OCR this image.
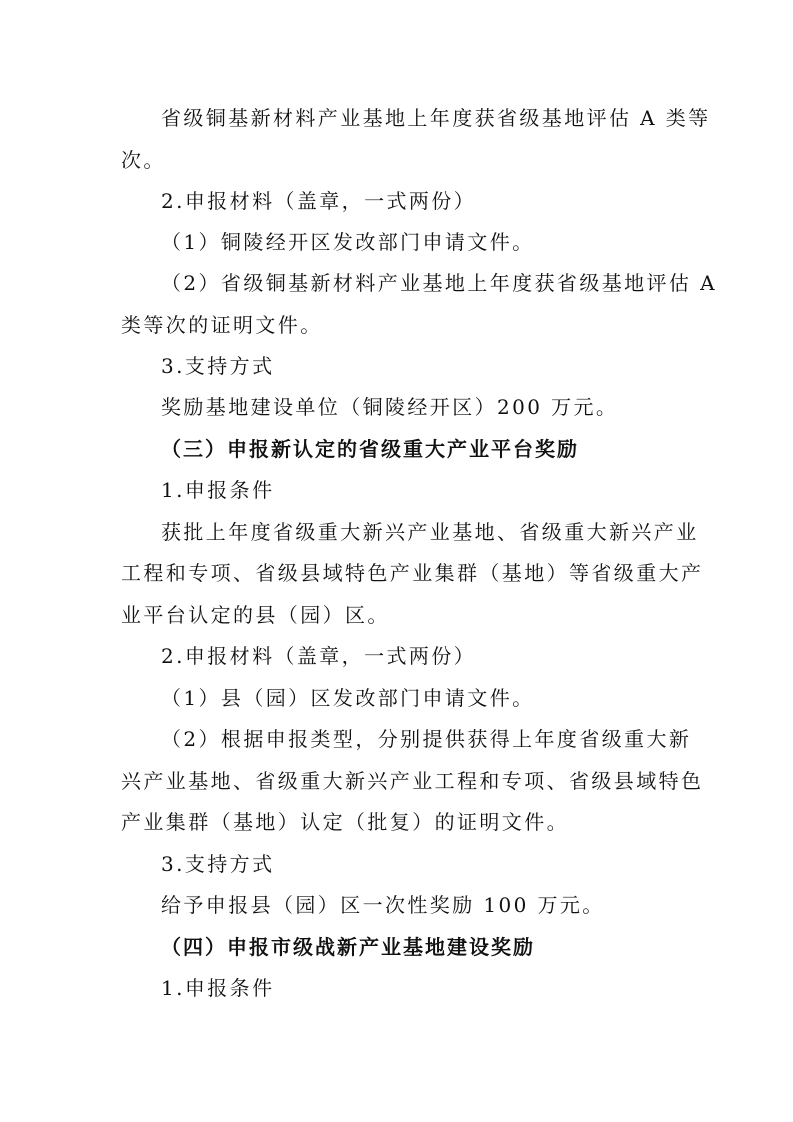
省级铜基新材料产业基地上年度获省级基地评估 A 类等
次。
2.申报材料（盖章，一式两份）
（1）铜陵经开区发改部门申请文件。
（2）省级铜基新材料产业基地上年度获省级基地评估 A
类等次的证明文件。
3.支持方式
奖励基地建设单位（铜陵经开区）200 万元。
（三）申报新认定的省级重大产业平台奖励
1.申报条件
获批上年度省级重大新兴产业基地、省级重大新兴产业
工程和专项、省级县域特色产业集群（基地）等省级重大产
业平台认定的县（园）区。
2.申报材料（盖章，一式两份）
（1）县（园）区发改部门申请文件。
（2）根据申报类型，分别提供获得上年度省级重大新
兴产业基地、省级重大新兴产业工程和专项、省级县域特色
产业集群（基地）认定（批复）的证明文件。
3.支持方式
给予申报县（园）区一次性奖励 100 万元。
（四）申报市级战新产业基地建设奖励
1.申报条件
